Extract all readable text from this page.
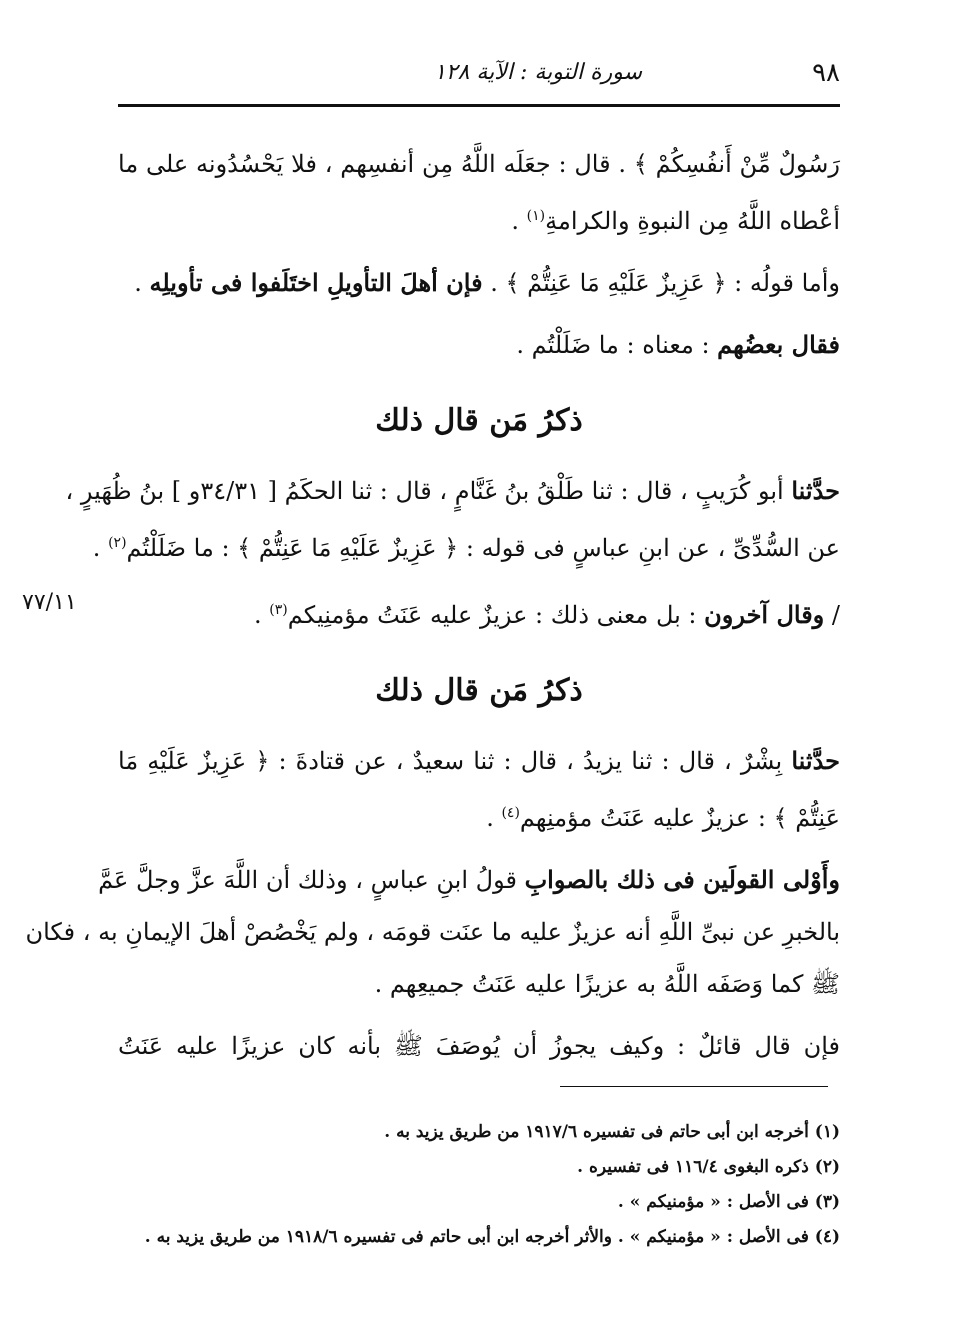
٩٨
سورة التوبة : الآية ١٢٨
رَسُولٌ مِّنْ أَنفُسِكُمْ ﴾ . قال : جعَلَه اللَّهُ مِن أنفسِهم ، فلا يَحْسُدُونه على ما
أعْطاه اللَّهُ مِن النبوةِ والكرامةِ$^{(١)}$ .
وأما قولُه : ﴿ عَزِيزٌ عَلَيْهِ مَا عَنِتُّمْ ﴾ . فإن أهلَ التأويلِ اختَلَفوا فى تأويلِه .
فقال بعضُهم : معناه : ما ضَلَلْتُم .
ذكرُ مَن قال ذلك
حدَّثنا أبو كُرَيبٍ ، قال : ثنا طَلْقُ بنُ غَنَّامٍ ، قال : ثنا الحكَمُ [ ٣٤/٣١و ] بنُ ظُهَيرٍ ،
عن السُّدِّىِّ ، عن ابنِ عباسٍ فى قوله : ﴿ عَزِيزٌ عَلَيْهِ مَا عَنِتُّمْ ﴾ : ما ضَلَلْتُم$^{(٢)}$ .
/ وقال آخرون : بل معنى ذلك : عزيزٌ عليه عَنَتُ مؤمنِيكم$^{(٣)}$ .
ذكرُ مَن قال ذلك
حدَّثنا بِشْرٌ ، قال : ثنا يزيدُ ، قال : ثنا سعيدٌ ، عن قتادةَ : ﴿ عَزِيزٌ عَلَيْهِ مَا
عَنِتُّمْ ﴾ : عزيزٌ عليه عَنَتُ مؤمنِهم$^{(٤)}$ .
وأَوْلى القولَين فى ذلك بالصوابِ قولُ ابنِ عباسٍ ، وذلك أن اللَّهَ عزَّ وجلَّ عَمَّ
بالخبرِ عن نبىِّ اللَّهِ أنه عزيزٌ عليه ما عنَت قومَه ، ولم يَخْصُصْ أهلَ الإيمانِ به ، فكان
ﷺ كما وَصَفَه اللَّهُ به عزيزًا عليه عَنَتُ جميعِهم .
فإن قال قائلٌ : وكيف يجوزُ أن يُوصَفَ ﷺ بأنه كان عزيزًا عليه عَنَتُ
٧٧/١١
(١) أخرجه ابن أبى حاتم فى تفسيره ١٩١٧/٦ من طريق يزيد به .
(٢) ذكره البغوى ١١٦/٤ فى تفسيره .
(٣) فى الأصل : « مؤمنيكم » .
(٤) فى الأصل : « مؤمنيكم » . والأثر أخرجه ابن أبى حاتم فى تفسيره ١٩١٨/٦ من طريق يزيد به .
